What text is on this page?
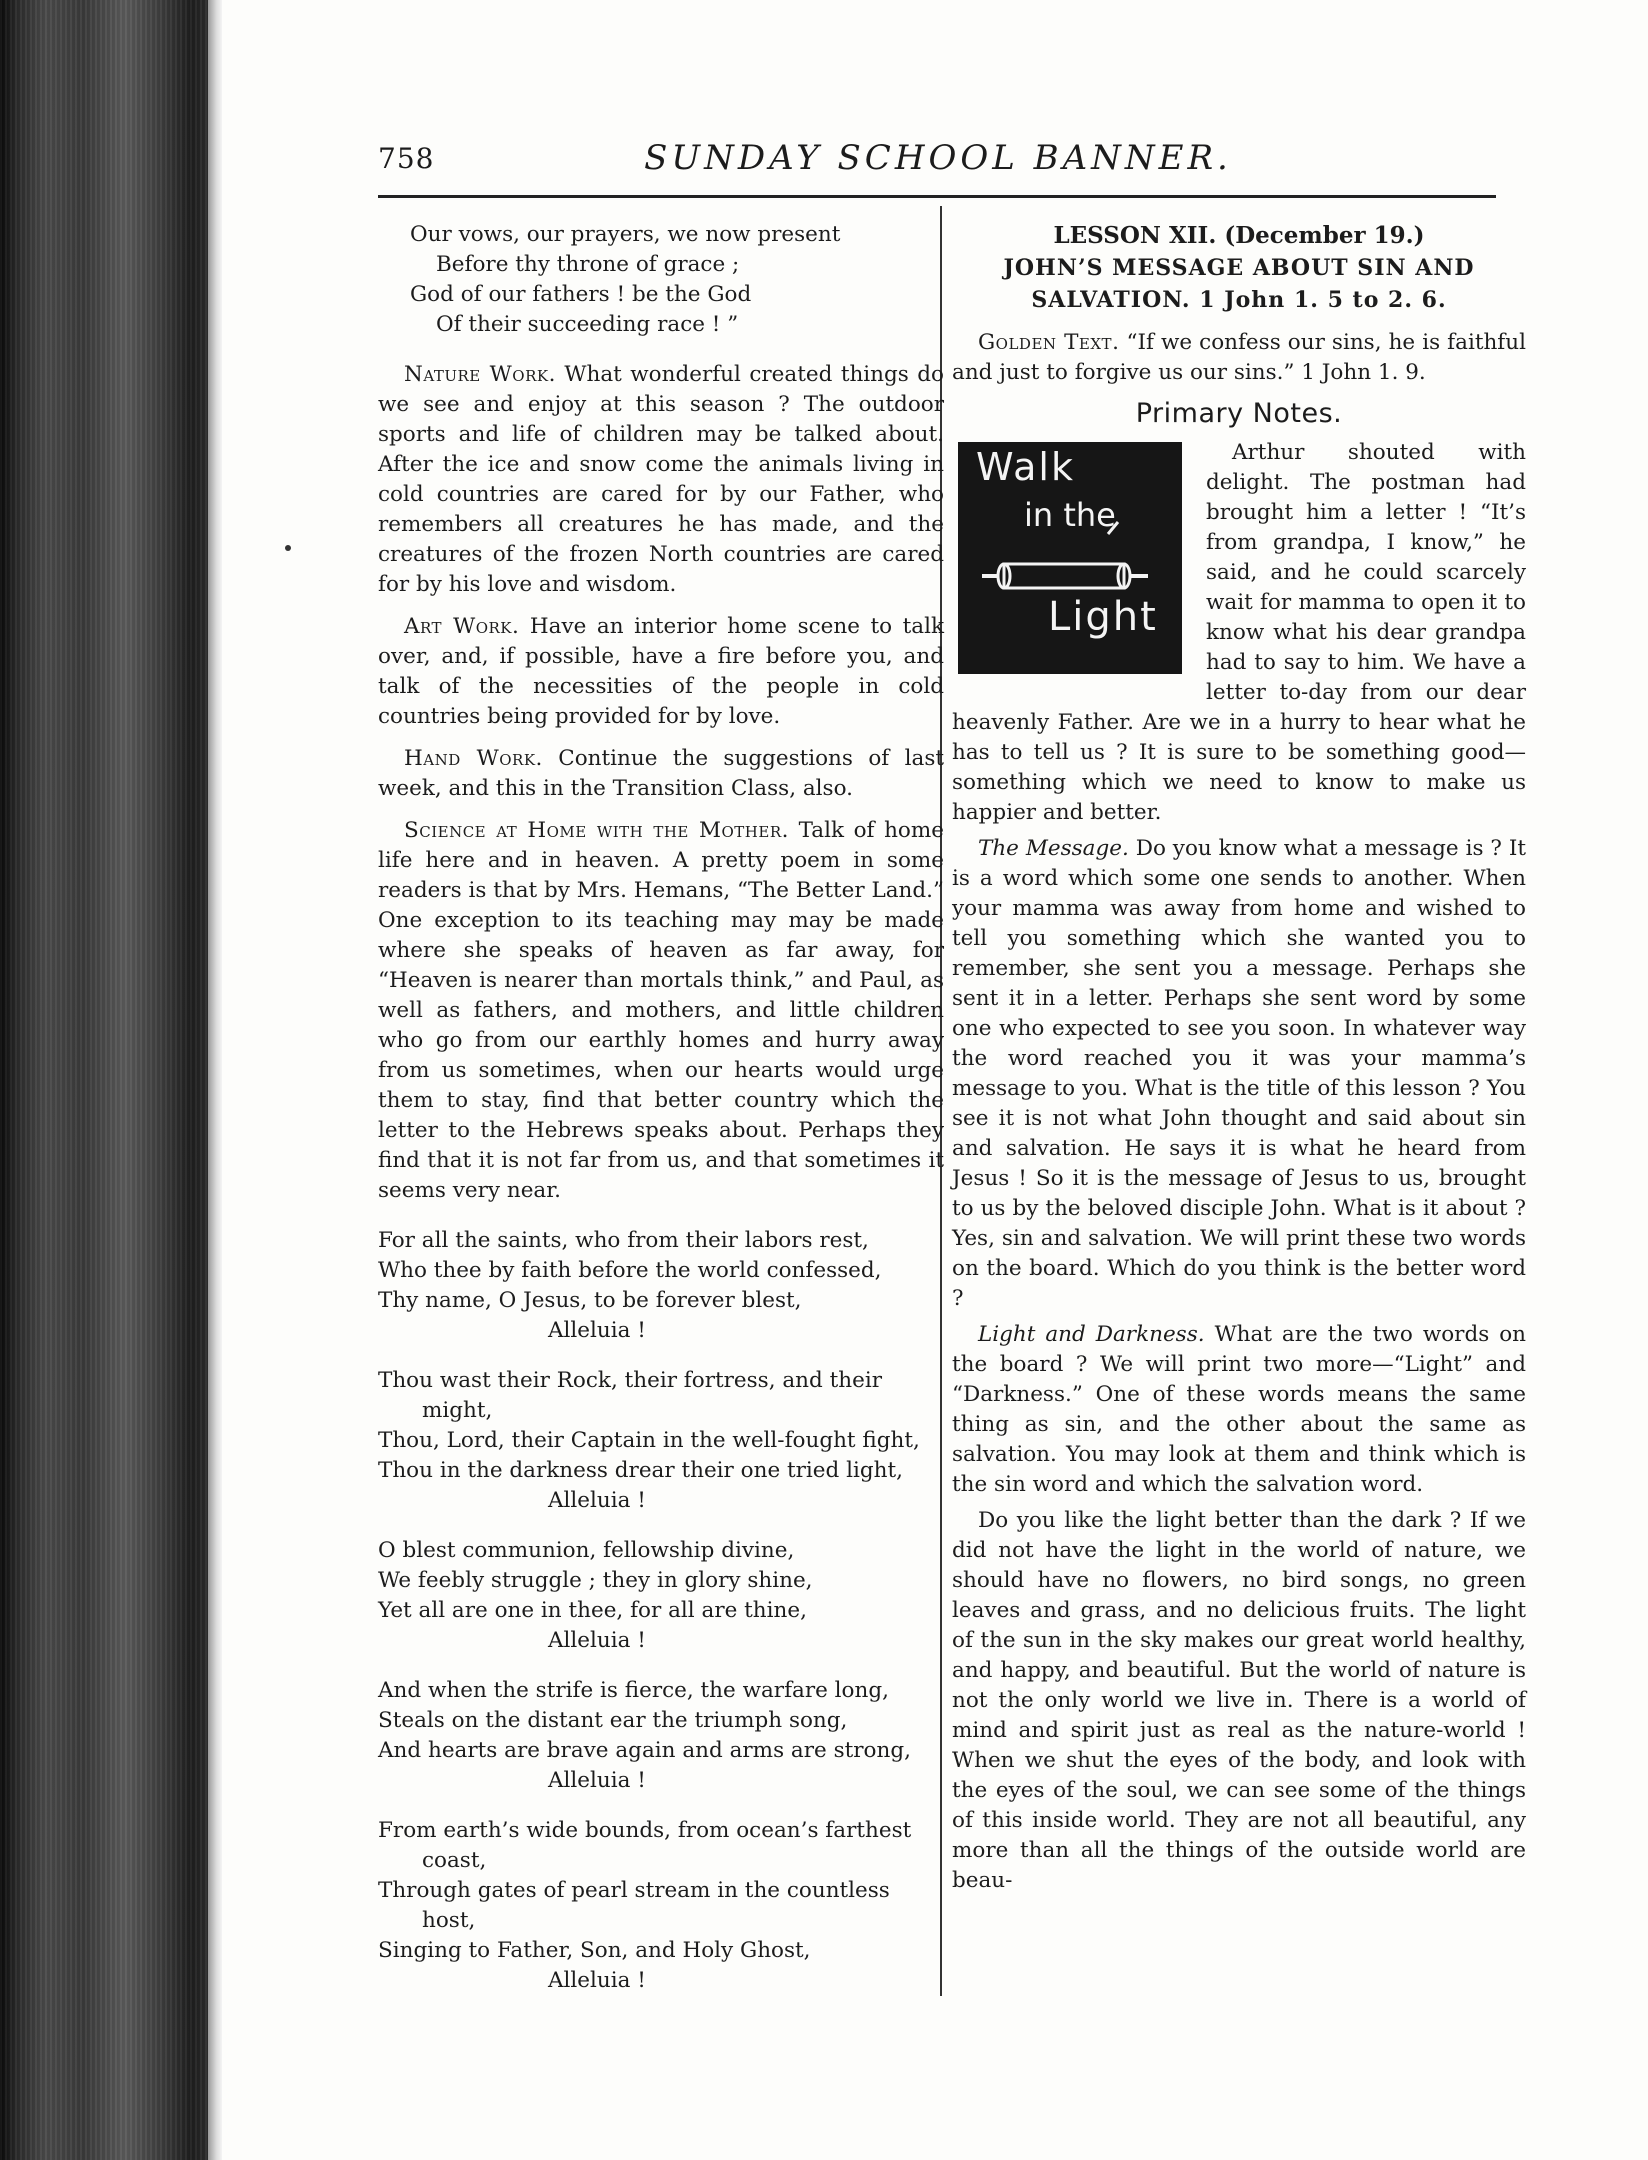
758	SUNDAY SCHOOL BANNER.
Our vows, our prayers, we now present
Before thy throne of grace ;
God of our fathers ! be the God
Of their succeeding race ! ”

Nature Work. What wonderful created things do we see and enjoy at this season ? The outdoor sports and life of children may be talked about. After the ice and snow come the animals living in cold countries are cared for by our Father, who remembers all creatures he has made, and the creatures of the frozen North countries are cared for by his love and wisdom.

Art Work. Have an interior home scene to talk over, and, if possible, have a fire before you, and talk of the necessities of the people in cold countries being provided for by love.

Hand Work. Continue the suggestions of last week, and this in the Transition Class, also.

Science at Home with the Mother. Talk of home life here and in heaven. A pretty poem in some readers is that by Mrs. Hemans, “The Better Land.” One exception to its teaching may may be made where she speaks of heaven as far away, for “Heaven is nearer than mortals think,” and Paul, as well as fathers, and mothers, and little children who go from our earthly homes and hurry away from us sometimes, when our hearts would urge them to stay, find that better country which the letter to the Hebrews speaks about. Perhaps they find that it is not far from us, and that sometimes it seems very near.

For all the saints, who from their labors rest,
Who thee by faith before the world confessed,
Thy name, O Jesus, to be forever blest,
Alleluia !
Thou wast their Rock, their fortress, and their
might,
Thou, Lord, their Captain in the well-fought fight,
Thou in the darkness drear their one tried light,
Alleluia !
O blest communion, fellowship divine,
We feebly struggle ; they in glory shine,
Yet all are one in thee, for all are thine,
Alleluia !
And when the strife is fierce, the warfare long,
Steals on the distant ear the triumph song,
And hearts are brave again and arms are strong,
Alleluia !
From earth’s wide bounds, from ocean’s farthest
coast,
Through gates of pearl stream in the countless
host,
Singing to Father, Son, and Holy Ghost,
Alleluia !
LESSON XII. (December 19.)
JOHN’S MESSAGE ABOUT SIN AND
SALVATION. 1 John 1. 5 to 2. 6.

Golden Text. “If we confess our sins, he is faithful and just to forgive us our sins.” 1 John 1. 9.

Primary Notes.
Walk
in the
Light

Arthur shouted with delight. The postman had brought him a letter ! “It’s from grandpa, I know,” he said, and he could scarcely wait for mamma to open it to know what his dear grandpa had to say to him. We have a letter to-day from our dear heavenly Father. Are we in a hurry to hear what he has to tell us ? It is sure to be something good—something which we need to know to make us happier and better.

The Message. Do you know what a message is ? It is a word which some one sends to another. When your mamma was away from home and wished to tell you something which she wanted you to remember, she sent you a message. Perhaps she sent it in a letter. Perhaps she sent word by some one who expected to see you soon. In whatever way the word reached you it was your mamma’s message to you. What is the title of this lesson ? You see it is not what John thought and said about sin and salvation. He says it is what he heard from Jesus ! So it is the message of Jesus to us, brought to us by the beloved disciple John. What is it about ? Yes, sin and salvation. We will print these two words on the board. Which do you think is the better word ?

Light and Darkness. What are the two words on the board ? We will print two more—“Light” and “Darkness.” One of these words means the same thing as sin, and the other about the same as salvation. You may look at them and think which is the sin word and which the salvation word.

Do you like the light better than the dark ? If we did not have the light in the world of nature, we should have no flowers, no bird songs, no green leaves and grass, and no delicious fruits. The light of the sun in the sky makes our great world healthy, and happy, and beautiful. But the world of nature is not the only world we live in. There is a world of mind and spirit just as real as the nature-world ! When we shut the eyes of the body, and look with the eyes of the soul, we can see some of the things of this inside world. They are not all beautiful, any more than all the things of the outside world are beau-
